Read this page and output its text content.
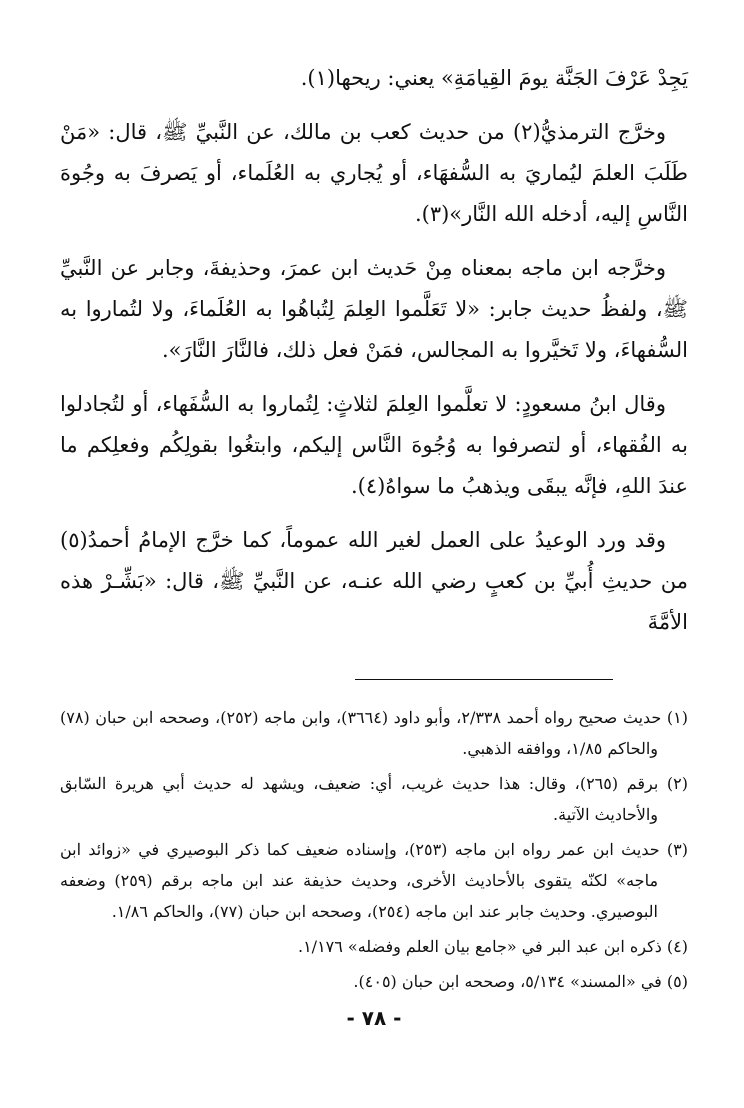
يَجِدْ عَرْفَ الجَنَّة يومَ القِيامَةِ» يعني: ريحها(١).

وخرَّج الترمذيُّ(٢) من حديث كعب بن مالك، عن النَّبيِّ ﷺ، قال: «مَنْ طَلَبَ العلمَ ليُماريَ به السُّفهَاء، أو يُجاري به العُلَماء، أو يَصرفَ به وجُوهَ النَّاسِ إليه، أدخله الله النَّار»(٣).

وخرَّجه ابن ماجه بمعناه مِنْ حَديث ابن عمرَ، وحذيفةَ، وجابر عن النَّبيِّ ﷺ، ولفظُ حديث جابر: «لا تَعَلَّموا العِلمَ لِتُباهُوا به العُلَماءَ، ولا لتُماروا به السُّفهاءَ، ولا تَخيَّروا به المجالس، فمَنْ فعل ذلك، فالنَّارَ النَّارَ».

وقال ابنُ مسعودٍ: لا تعلَّموا العِلمَ لثلاثٍ: لِتُماروا به السُّفَهاء، أو لتُجادلوا به الفُقهاء، أو لتصرفوا به وُجُوهَ النَّاس إليكم، وابتغُوا بقولِكُم وفعلِكم ما عندَ اللهِ، فإنَّه يبقَى ويذهبُ ما سواهُ(٤).

وقد ورد الوعيدُ على العمل لغير الله عموماً، كما خرَّج الإمامُ أحمدُ(٥) من حديثِ أُبيِّ بن كعبٍ رضي الله عنـه، عن النَّبيِّ ﷺ، قال: «بَشِّـرْ هذه الأمَّةَ

(١) حديث صحيح رواه أحمد ٢/٣٣٨، وأبو داود (٣٦٦٤)، وابن ماجه (٢٥٢)، وصححه ابن حبان (٧٨) والحاكم ١/٨٥، ووافقه الذهبي.

(٢) برقم (٢٦٥)، وقال: هذا حديث غريب، أي: ضعيف، ويشهد له حديث أبي هريرة السّابق والأحاديث الآتية.

(٣) حديث ابن عمر رواه ابن ماجه (٢٥٣)، وإسناده ضعيف كما ذكر البوصيري في «زوائد ابن ماجه» لكنّه يتقوى بالأحاديث الأخرى، وحديث حذيفة عند ابن ماجه برقم (٢٥٩) وضعفه البوصيري. وحديث جابر عند ابن ماجه (٢٥٤)، وصححه ابن حبان (٧٧)، والحاكم ١/٨٦.

(٤) ذكره ابن عبد البر في «جامع بيان العلم وفضله» ١/١٧٦.

(٥) في «المسند» ٥/١٣٤، وصححه ابن حبان (٤٠٥).

- ٧٨ -
